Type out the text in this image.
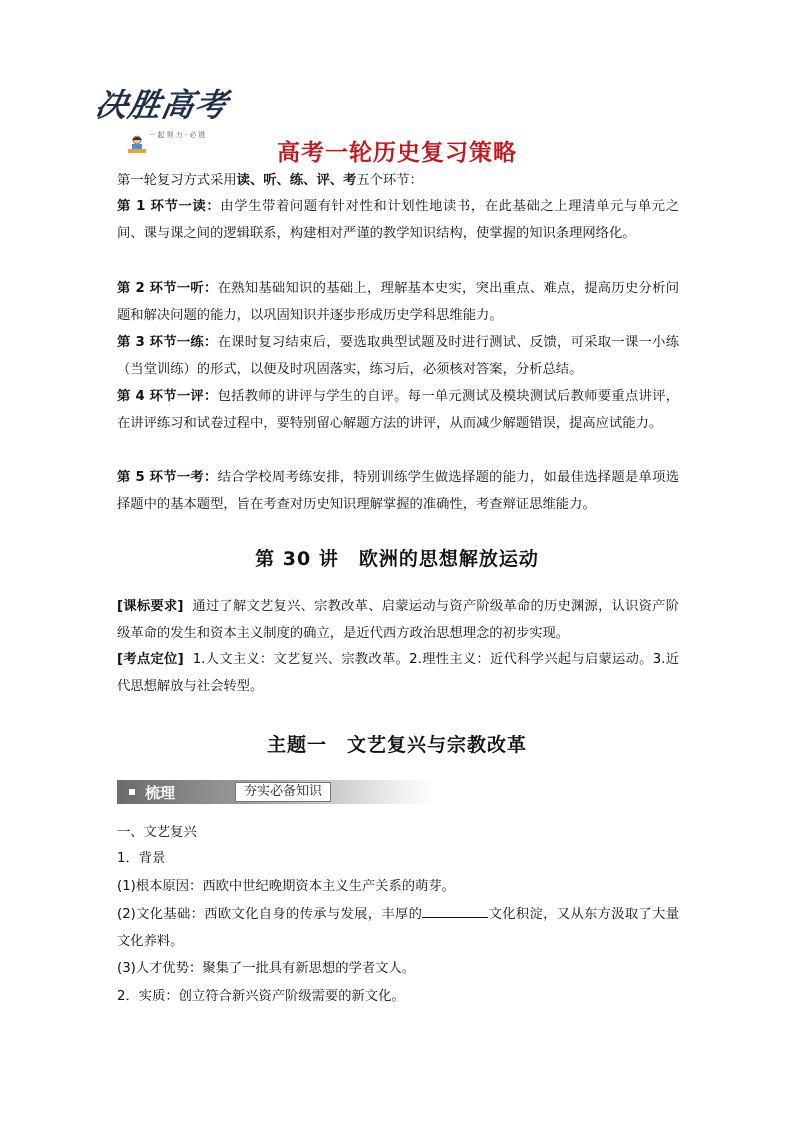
决胜高考
一 起 努 力 · 必 胜
高考一轮历史复习策略

第一轮复习方式采用读、听、练、评、考五个环节：

第 1 环节一读：由学生带着问题有针对性和计划性地读书，在此基础之上理清单元与单元之间、课与课之间的逻辑联系，构建相对严谨的教学知识结构，使掌握的知识条理网络化。

第 2 环节一听：在熟知基础知识的基础上，理解基本史实，突出重点、难点，提高历史分析问题和解决问题的能力，以巩固知识并逐步形成历史学科思维能力。

第 3 环节一练：在课时复习结束后，要选取典型试题及时进行测试、反馈，可采取一课一小练（当堂训练）的形式，以便及时巩固落实，练习后，必须核对答案，分析总结。

第 4 环节一评：包括教师的讲评与学生的自评。每一单元测试及模块测试后教师要重点讲评，在讲评练习和试卷过程中，要特别留心解题方法的讲评，从而减少解题错误，提高应试能力。

第 5 环节一考：结合学校周考练安排，特别训练学生做选择题的能力，如最佳选择题是单项选择题中的基本题型，旨在考查对历史知识理解掌握的准确性，考查辩证思维能力。

第 30 讲　欧洲的思想解放运动

[课标要求] 通过了解文艺复兴、宗教改革、启蒙运动与资产阶级革命的历史渊源，认识资产阶级革命的发生和资本主义制度的确立，是近代西方政治思想理念的初步实现。

[考点定位] 1.人文主义：文艺复兴、宗教改革。2.理性主义：近代科学兴起与启蒙运动。3.近代思想解放与社会转型。

主题一　文艺复兴与宗教改革
梳理	夯实必备知识

一、文艺复兴

1．背景

(1)根本原因：西欧中世纪晚期资本主义生产关系的萌芽。

(2)文化基础：西欧文化自身的传承与发展，丰厚的	文化积淀，又从东方汲取了大量文化养料。

(3)人才优势：聚集了一批具有新思想的学者文人。

2．实质：创立符合新兴资产阶级需要的新文化。
